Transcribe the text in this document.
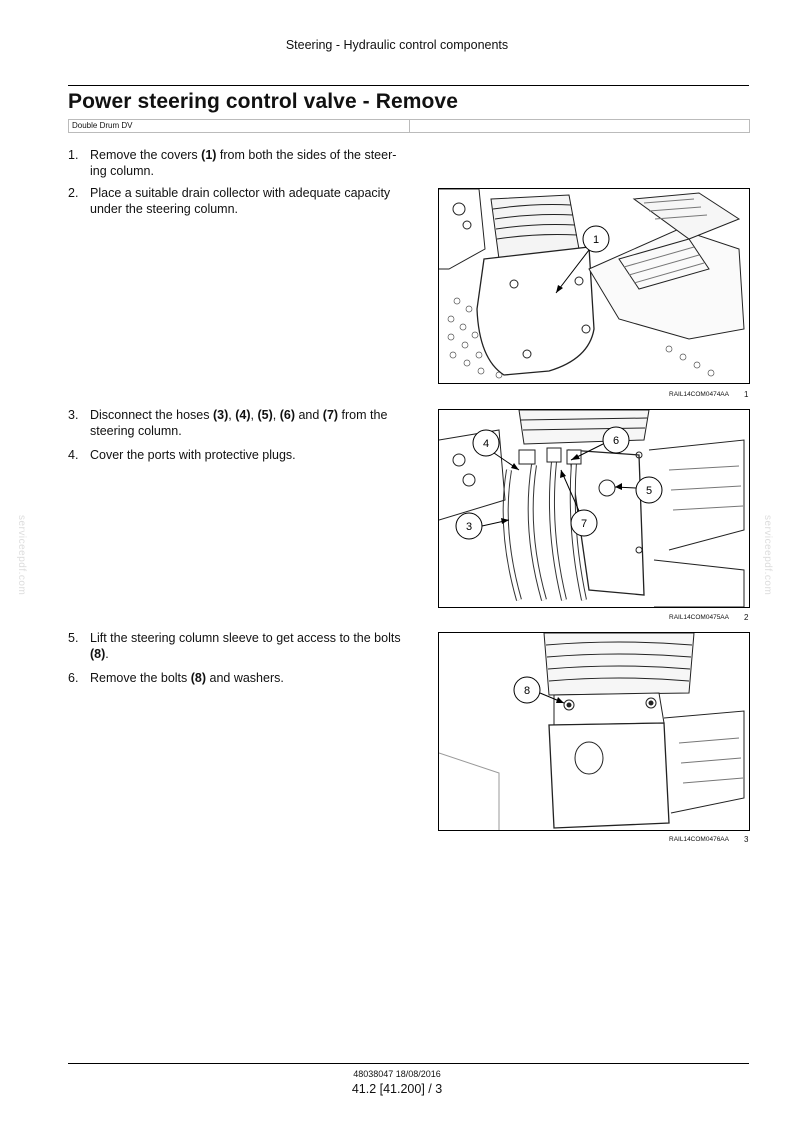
Steering - Hydraulic control components
Power steering control valve - Remove
Double Drum DV
1. Remove the covers (1) from both the sides of the steer-ing column.
2. Place a suitable drain collector with adequate capacity under the steering column.
3. Disconnect the hoses (3), (4), (5), (6) and (7) from the steering column.
4. Cover the ports with protective plugs.
5. Lift the steering column sleeve to get access to the bolts (8).
6. Remove the bolts (8) and washers.
1
RAIL14COM0474AA 1
4	6
5
3	7
RAIL14COM0475AA 2
8
RAIL14COM0476AA 3
serviceepdf.com	serviceepdf.com
48038047 18/08/2016
41.2 [41.200] / 3
